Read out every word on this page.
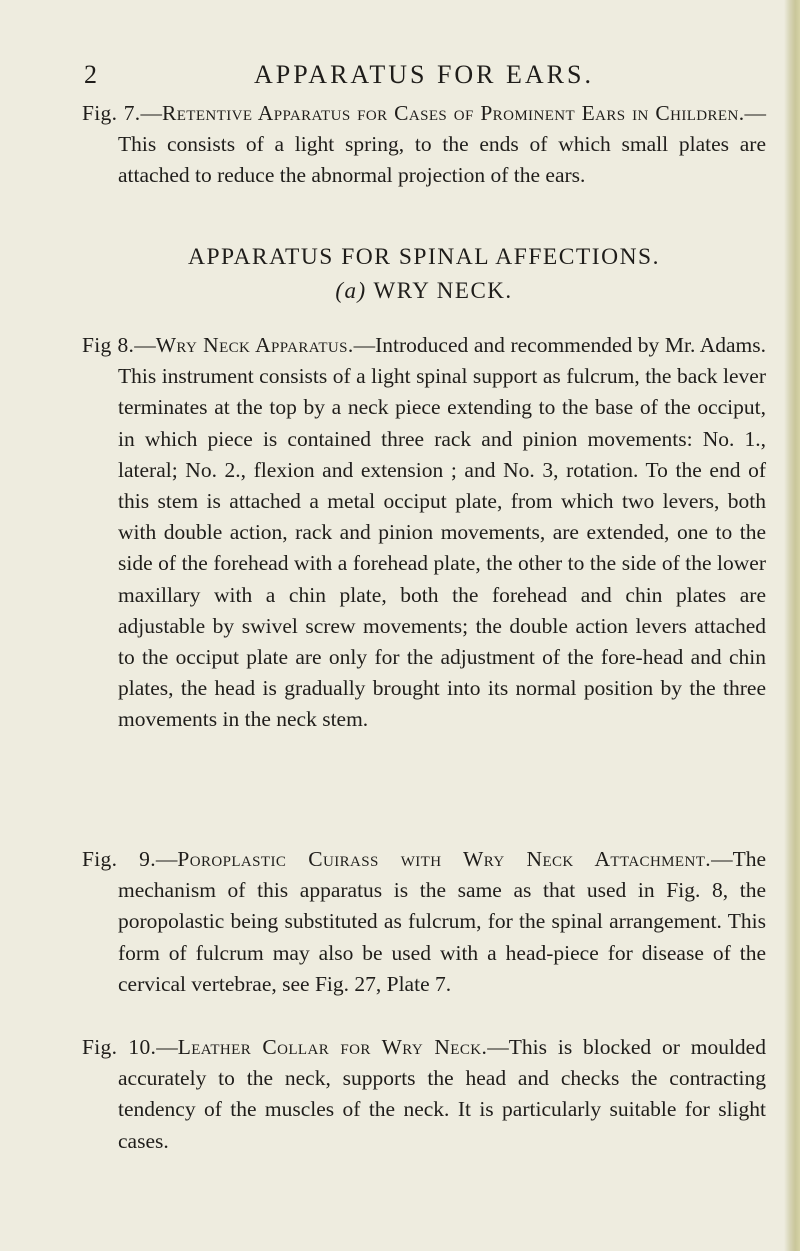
2	APPARATUS FOR EARS.

Fig. 7.—Retentive Apparatus for Cases of Prominent Ears in Children.—This consists of a light spring, to the ends of which small plates are attached to reduce the abnormal projection of the ears.

APPARATUS FOR SPINAL AFFECTIONS.
(a) WRY NECK.

Fig 8.—Wry Neck Apparatus.—Introduced and recommended by Mr. Adams. This instrument consists of a light spinal support as fulcrum, the back lever terminates at the top by a neck piece extending to the base of the occiput, in which piece is contained three rack and pinion movements: No. 1., lateral; No. 2., flexion and extension ; and No. 3, rotation. To the end of this stem is attached a metal occiput plate, from which two levers, both with double action, rack and pinion movements, are extended, one to the side of the forehead with a forehead plate, the other to the side of the lower maxillary with a chin plate, both the forehead and chin plates are adjustable by swivel screw movements; the double action levers attached to the occiput plate are only for the adjustment of the fore-head and chin plates, the head is gradually brought into its normal position by the three movements in the neck stem.

Fig. 9.—Poroplastic Cuirass with Wry Neck Attachment.—The mechanism of this apparatus is the same as that used in Fig. 8, the poropolastic being substituted as fulcrum, for the spinal arrangement. This form of fulcrum may also be used with a head-piece for disease of the cervical vertebrae, see Fig. 27, Plate 7.

Fig. 10.—Leather Collar for Wry Neck.—This is blocked or moulded accurately to the neck, supports the head and checks the contracting tendency of the muscles of the neck. It is particularly suitable for slight cases.
